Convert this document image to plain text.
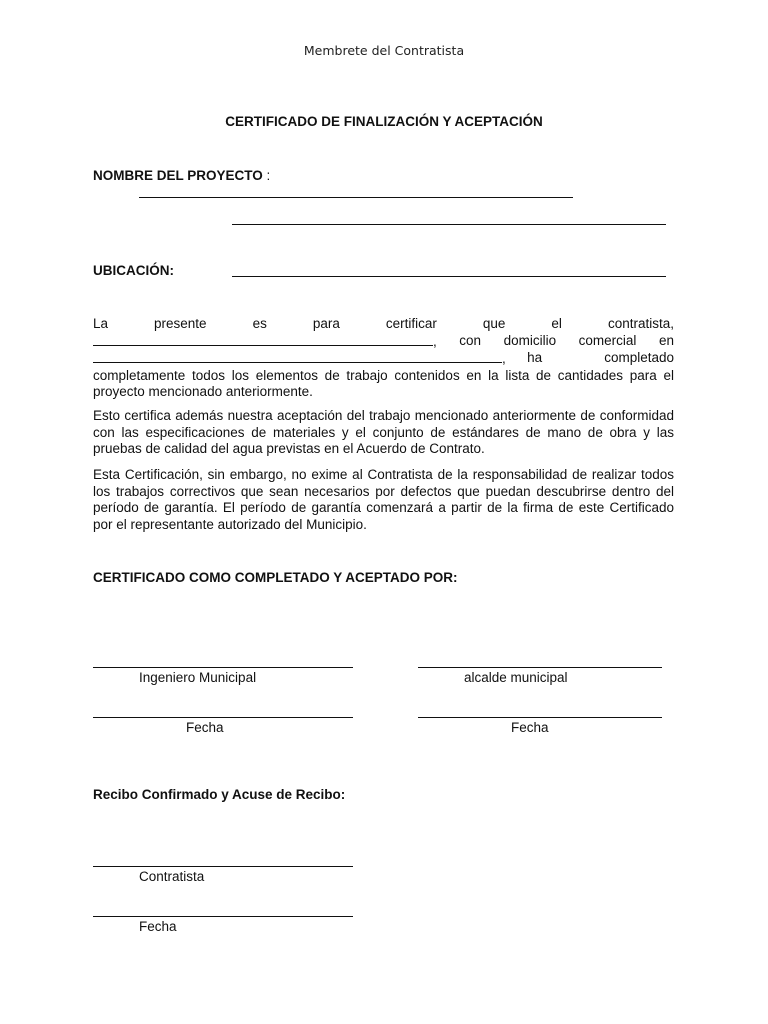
Membrete del Contratista
CERTIFICADO DE FINALIZACIÓN Y ACEPTACIÓN
NOMBRE DEL PROYECTO :
UBICACIÓN:
La	presente	es	para	certificar	que	el	contratista,
, con domicilio comercial en
, ha	completado
completamente todos los elementos de trabajo contenidos en la lista de cantidades para el proyecto mencionado anteriormente.

Esto certifica además nuestra aceptación del trabajo mencionado anteriormente de conformidad con las especificaciones de materiales y el conjunto de estándares de mano de obra y las pruebas de calidad del agua previstas en el Acuerdo de Contrato.

Esta Certificación, sin embargo, no exime al Contratista de la responsabilidad de realizar todos los trabajos correctivos que sean necesarios por defectos que puedan descubrirse dentro del período de garantía. El período de garantía comenzará a partir de la firma de este Certificado por el representante autorizado del Municipio.

CERTIFICADO COMO COMPLETADO Y ACEPTADO POR:
Ingeniero Municipal	alcalde municipal
Fecha	Fecha
Recibo Confirmado y Acuse de Recibo:
Contratista
Fecha
